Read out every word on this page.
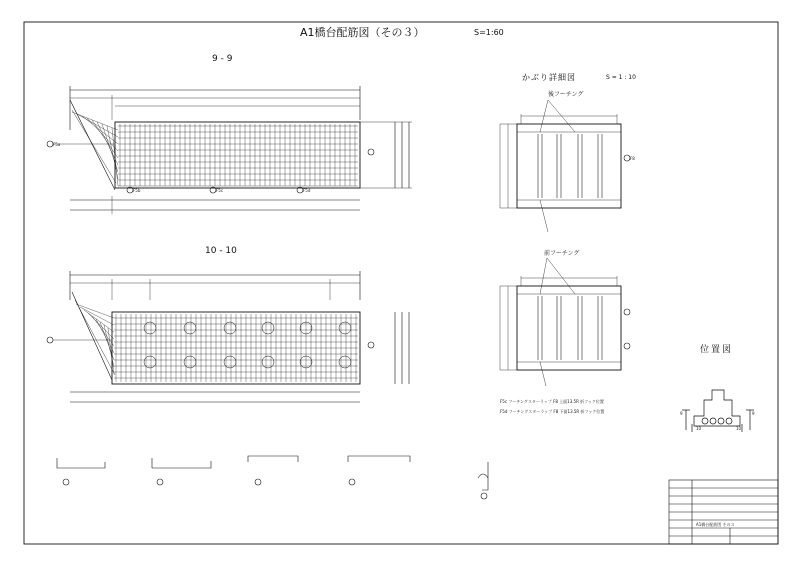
A1橋台配筋図（その３）	S=1:60
9 - 9
10 - 10
かぶり詳細図	S = 1 : 10
後フーチング
前フーチング
F5c フーチングスターラップ F8 上面13.5R 折フック位置
F5d フーチングスターラップ F8 下面13.5R 折フック位置
位置図
9
10	10
9
F5a
F5b	F5c	F5d
F8
A1橋台配筋図 その３
